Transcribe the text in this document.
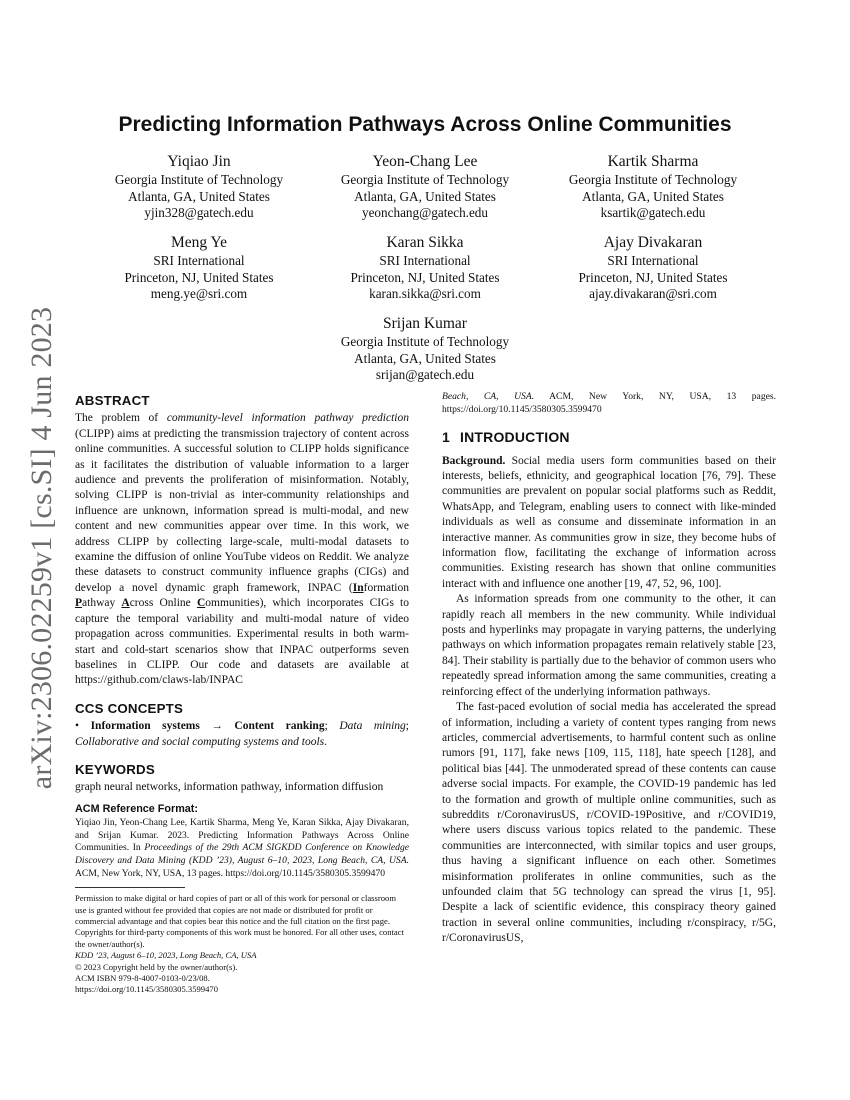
arXiv:2306.02259v1 [cs.SI] 4 Jun 2023
Predicting Information Pathways Across Online Communities
Yiqiao Jin
Georgia Institute of Technology
Atlanta, GA, United States
yjin328@gatech.edu
Yeon-Chang Lee
Georgia Institute of Technology
Atlanta, GA, United States
yeonchang@gatech.edu
Kartik Sharma
Georgia Institute of Technology
Atlanta, GA, United States
ksartik@gatech.edu
Meng Ye
SRI International
Princeton, NJ, United States
meng.ye@sri.com
Karan Sikka
SRI International
Princeton, NJ, United States
karan.sikka@sri.com
Ajay Divakaran
SRI International
Princeton, NJ, United States
ajay.divakaran@sri.com
Srijan Kumar
Georgia Institute of Technology
Atlanta, GA, United States
srijan@gatech.edu
ABSTRACT

The problem of community-level information pathway prediction (CLIPP) aims at predicting the transmission trajectory of content across online communities. A successful solution to CLIPP holds significance as it facilitates the distribution of valuable information to a larger audience and prevents the proliferation of misinformation. Notably, solving CLIPP is non-trivial as inter-community relationships and influence are unknown, information spread is multi-modal, and new content and new communities appear over time. In this work, we address CLIPP by collecting large-scale, multi-modal datasets to examine the diffusion of online YouTube videos on Reddit. We analyze these datasets to construct community influence graphs (CIGs) and develop a novel dynamic graph framework, INPAC (Information Pathway Across Online Communities), which incorporates CIGs to capture the temporal variability and multi-modal nature of video propagation across communities. Experimental results in both warm-start and cold-start scenarios show that INPAC outperforms seven baselines in CLIPP. Our code and datasets are available at https://github.com/claws-lab/INPAC

CCS CONCEPTS

• Information systems → Content ranking; Data mining; Collaborative and social computing systems and tools.

KEYWORDS

graph neural networks, information pathway, information diffusion

ACM Reference Format:

Yiqiao Jin, Yeon-Chang Lee, Kartik Sharma, Meng Ye, Karan Sikka, Ajay Divakaran, and Srijan Kumar. 2023. Predicting Information Pathways Across Online Communities. In Proceedings of the 29th ACM SIGKDD Conference on Knowledge Discovery and Data Mining (KDD ’23), August 6–10, 2023, Long Beach, CA, USA. ACM, New York, NY, USA, 13 pages. https://doi.org/10.1145/3580305.3599470

Permission to make digital or hard copies of part or all of this work for personal or classroom use is granted without fee provided that copies are not made or distributed for profit or commercial advantage and that copies bear this notice and the full citation on the first page. Copyrights for third-party components of this work must be honored. For all other uses, contact the owner/author(s).
KDD ’23, August 6–10, 2023, Long Beach, CA, USA
© 2023 Copyright held by the owner/author(s).
ACM ISBN 979-8-4007-0103-0/23/08.
https://doi.org/10.1145/3580305.3599470

Beach, CA, USA. ACM, New York, NY, USA, 13 pages. https://doi.org/10.1145/3580305.3599470

1 INTRODUCTION

Background. Social media users form communities based on their interests, beliefs, ethnicity, and geographical location [76, 79]. These communities are prevalent on popular social platforms such as Reddit, WhatsApp, and Telegram, enabling users to connect with like-minded individuals as well as consume and disseminate information in an interactive manner. As communities grow in size, they become hubs of information flow, facilitating the exchange of information across communities. Existing research has shown that online communities interact with and influence one another [19, 47, 52, 96, 100].

As information spreads from one community to the other, it can rapidly reach all members in the new community. While individual posts and hyperlinks may propagate in varying patterns, the underlying pathways on which information propagates remain relatively stable [23, 84]. Their stability is partially due to the behavior of common users who repeatedly spread information among the same communities, creating a reinforcing effect of the underlying information pathways.

The fast-paced evolution of social media has accelerated the spread of information, including a variety of content types ranging from news articles, commercial advertisements, to harmful content such as online rumors [91, 117], fake news [109, 115, 118], hate speech [128], and political bias [44]. The unmoderated spread of these contents can cause adverse social impacts. For example, the COVID-19 pandemic has led to the formation and growth of multiple online communities, such as subreddits r/CoronavirusUS, r/COVID-19Positive, and r/COVID19, where users discuss various topics related to the pandemic. These communities are interconnected, with similar topics and user groups, thus having a significant influence on each other. Sometimes misinformation proliferates in online communities, such as the unfounded claim that 5G technology can spread the virus [1, 95]. Despite a lack of scientific evidence, this conspiracy theory gained traction in several online communities, including r/conspiracy, r/5G, r/CoronavirusUS,
